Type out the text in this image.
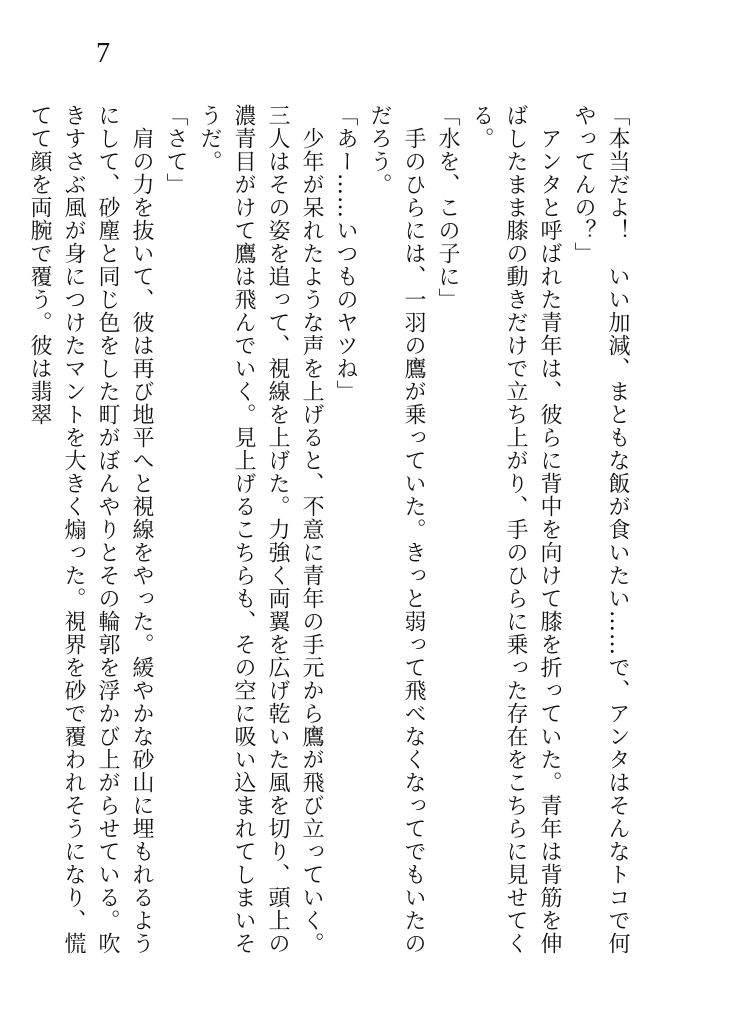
7

「本当だよ！　いい加減、まともな飯が食いたい……で、アンタはそんなトコで何やってんの？」

　アンタと呼ばれた青年は、彼らに背中を向けて膝を折っていた。青年は背筋を伸ばしたまま膝の動きだけで立ち上がり、手のひらに乗った存在をこちらに見せてくる。

「水を、この子に」

　手のひらには、一羽の鷹が乗っていた。きっと弱って飛べなくなってでもいたのだろう。

「あー……いつものヤツね」

　少年が呆れたような声を上げると、不意に青年の手元から鷹が飛び立っていく。三人はその姿を追って、視線を上げた。力強く両翼を広げ乾いた風を切り、頭上の濃青目がけて鷹は飛んでいく。見上げるこちらも、その空に吸い込まれてしまいそうだ。

「さて」

　肩の力を抜いて、彼は再び地平へと視線をやった。緩やかな砂山に埋もれるようにして、砂塵と同じ色をした町がぼんやりとその輪郭を浮かび上がらせている。吹きすさぶ風が身につけたマントを大きく煽った。視界を砂で覆われそうになり、慌てて顔を両腕で覆う。彼は翡翠
